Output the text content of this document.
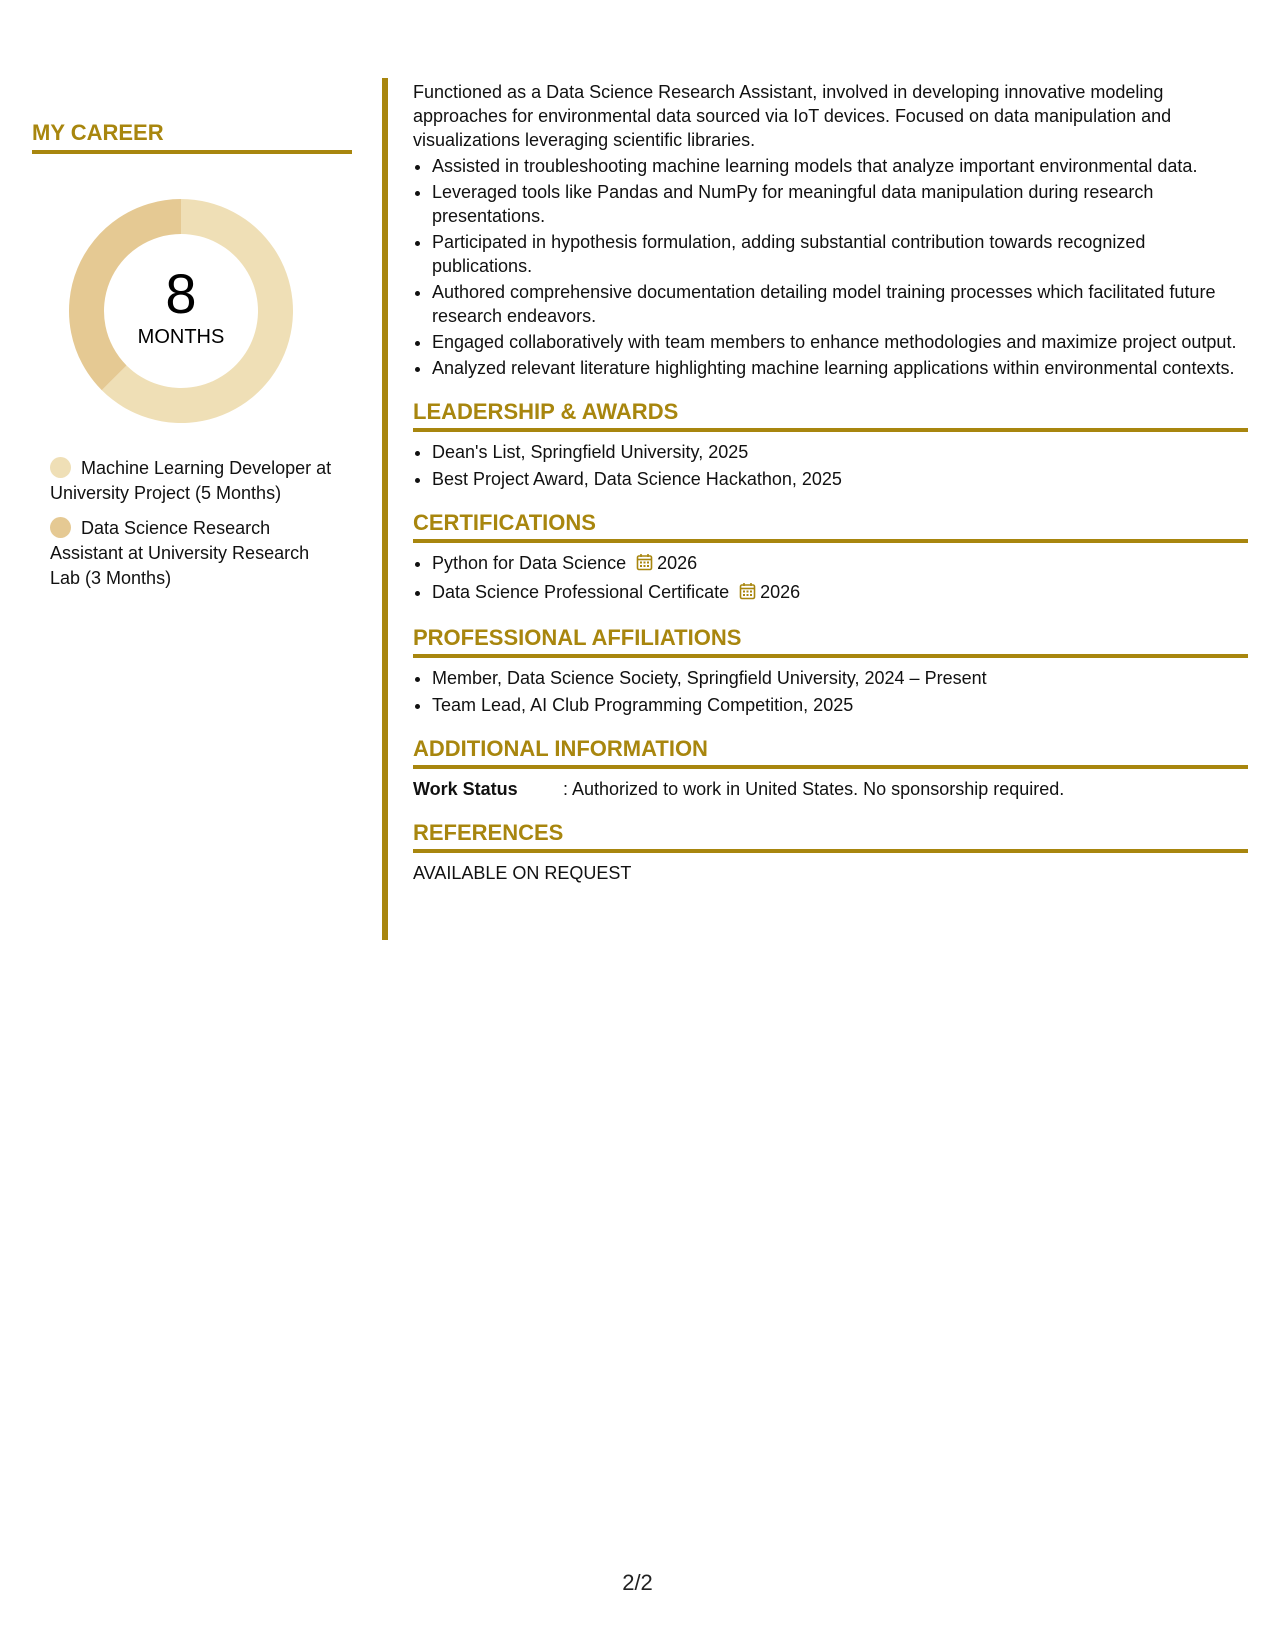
MY CAREER
8
MONTHS
Machine Learning Developer at University Project (5 Months)
Data Science Research Assistant at University Research Lab (3 Months)

Functioned as a Data Science Research Assistant, involved in developing innovative modeling approaches for environmental data sourced via IoT devices. Focused on data manipulation and visualizations leveraging scientific libraries.

• Assisted in troubleshooting machine learning models that analyze important environmental data.
• Leveraged tools like Pandas and NumPy for meaningful data manipulation during research presentations.
• Participated in hypothesis formulation, adding substantial contribution towards recognized publications.
• Authored comprehensive documentation detailing model training processes which facilitated future research endeavors.
• Engaged collaboratively with team members to enhance methodologies and maximize project output.
• Analyzed relevant literature highlighting machine learning applications within environmental contexts.
LEADERSHIP & AWARDS
• Dean's List, Springfield University, 2025
• Best Project Award, Data Science Hackathon, 2025
CERTIFICATIONS
• Python for Data Science 2026
• Data Science Professional Certificate 2026
PROFESSIONAL AFFILIATIONS
• Member, Data Science Society, Springfield University, 2024 – Present
• Team Lead, AI Club Programming Competition, 2025
ADDITIONAL INFORMATION
Work Status	: Authorized to work in United States. No sponsorship required.
REFERENCES
AVAILABLE ON REQUEST
2/2
